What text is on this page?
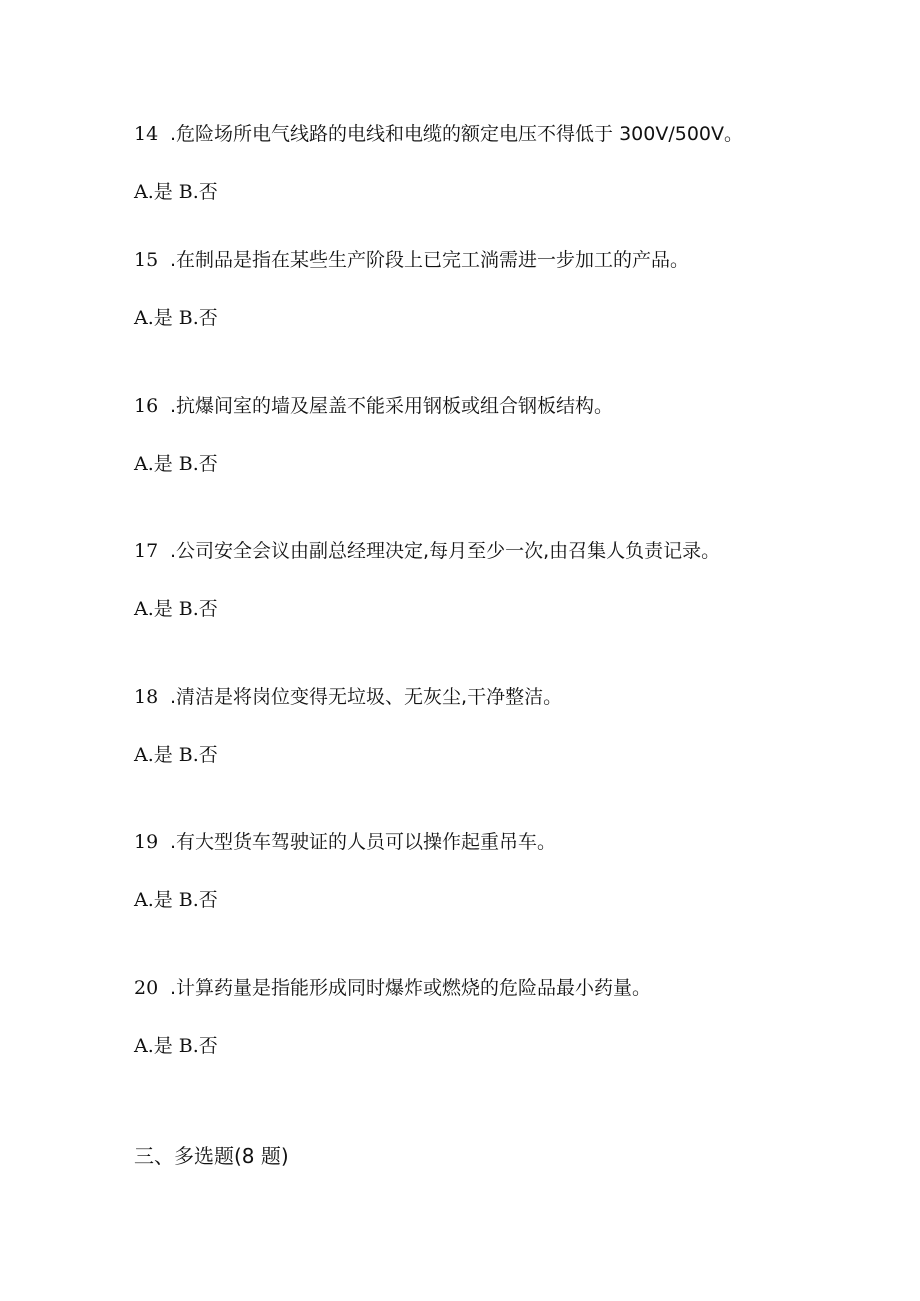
14 .危险场所电气线路的电线和电缆的额定电压不得低于 300V/500V。
A.是 B.否
15 .在制品是指在某些生产阶段上已完工淌需进一步加工的产品。
A.是 B.否
16 .抗爆间室的墙及屋盖不能采用钢板或组合钢板结构。
A.是 B.否
17 .公司安全会议由副总经理决定,每月至少一次,由召集人负责记录。
A.是 B.否
18 .清洁是将岗位变得无垃圾、无灰尘,干净整洁。
A.是 B.否
19 .有大型货车驾驶证的人员可以操作起重吊车。
A.是 B.否
20 .计算药量是指能形成同时爆炸或燃烧的危险品最小药量。
A.是 B.否
三、多选题(8 题)
